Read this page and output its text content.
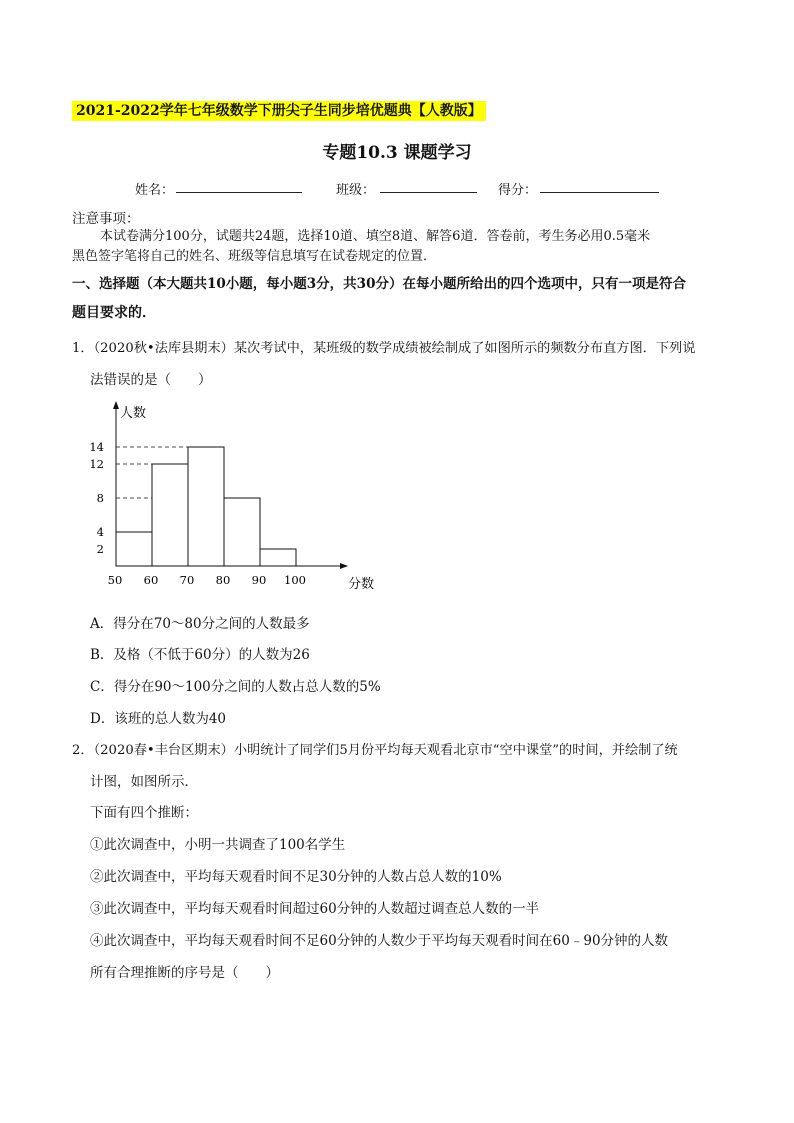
2021-2022学年七年级数学下册尖子生同步培优题典【人教版】
专题10.3 课题学习
姓名：	班级：	得分：
注意事项：
本试卷满分100分，试题共24题，选择10道、填空8道、解答6道．答卷前，考生务必用0.5毫米
黑色签字笔将自己的姓名、班级等信息填写在试卷规定的位置．
一、选择题（本大题共10小题，每小题3分，共30分）在每小题所给出的四个选项中，只有一项是符合
题目要求的．
1．（2020秋•法库县期末）某次考试中，某班级的数学成绩被绘制成了如图所示的频数分布直方图．下列说
法错误的是（　　）
人数
分数
2
4
8
12
14
50 60 70 80 90 100
A．得分在70～80分之间的人数最多
B．及格（不低于60分）的人数为26
C．得分在90～100分之间的人数占总人数的5%
D．该班的总人数为40
2．（2020春•丰台区期末）小明统计了同学们5月份平均每天观看北京市“空中课堂”的时间，并绘制了统
计图，如图所示．
下面有四个推断：
①此次调查中，小明一共调查了100名学生
②此次调查中，平均每天观看时间不足30分钟的人数占总人数的10%
③此次调查中，平均每天观看时间超过60分钟的人数超过调查总人数的一半
④此次调查中，平均每天观看时间不足60分钟的人数少于平均每天观看时间在60﹣90分钟的人数
所有合理推断的序号是（　　）
